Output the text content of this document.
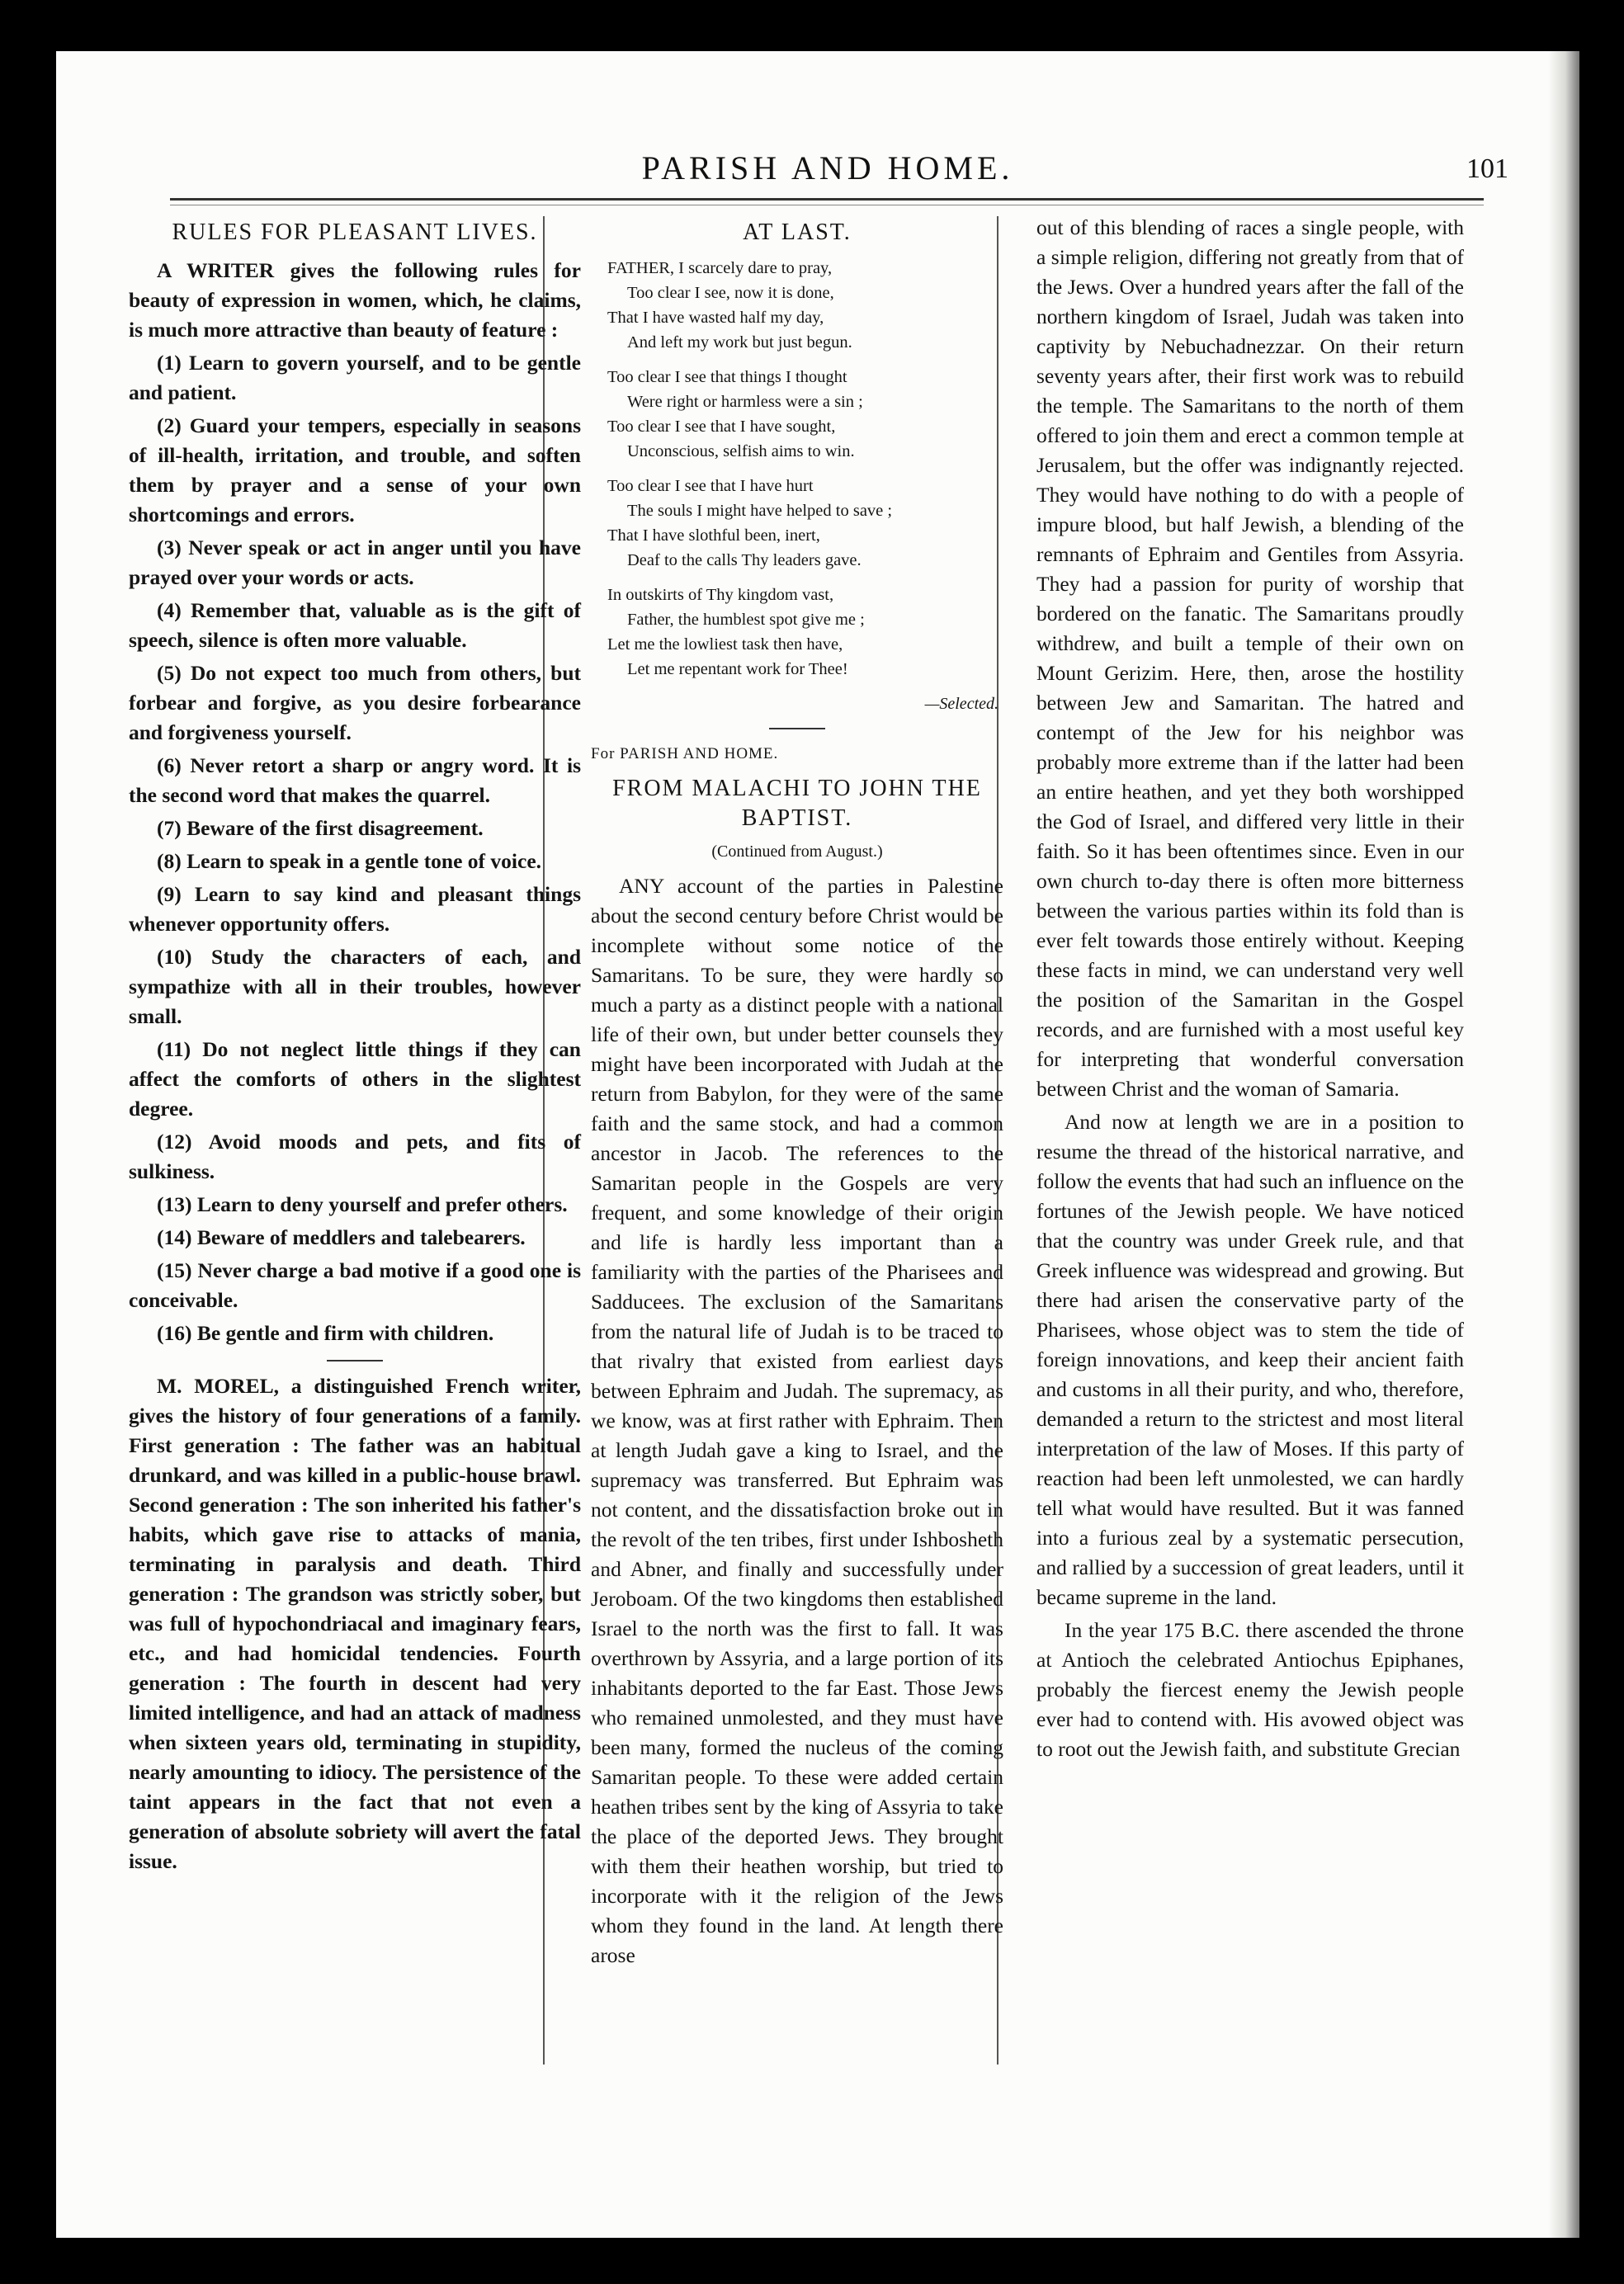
PARISH AND HOME.	101
RULES FOR PLEASANT LIVES.

A WRITER gives the following rules for beauty of expression in women, which, he claims, is much more attractive than beauty of feature :

(1) Learn to govern yourself, and to be gentle and patient.

(2) Guard your tempers, especially in seasons of ill-health, irritation, and trouble, and soften them by prayer and a sense of your own shortcomings and errors.

(3) Never speak or act in anger until you have prayed over your words or acts.

(4) Remember that, valuable as is the gift of speech, silence is often more valuable.

(5) Do not expect too much from others, but forbear and forgive, as you desire forbearance and forgiveness yourself.

(6) Never retort a sharp or angry word. It is the second word that makes the quarrel.

(7) Beware of the first disagreement.

(8) Learn to speak in a gentle tone of voice.

(9) Learn to say kind and pleasant things whenever opportunity offers.

(10) Study the characters of each, and sympathize with all in their troubles, however small.

(11) Do not neglect little things if they can affect the comforts of others in the slightest degree.

(12) Avoid moods and pets, and fits of sulkiness.

(13) Learn to deny yourself and prefer others.

(14) Beware of meddlers and talebearers.

(15) Never charge a bad motive if a good one is conceivable.

(16) Be gentle and firm with children.

M. MOREL, a distinguished French writer, gives the history of four generations of a family. First generation : The father was an habitual drunkard, and was killed in a public-house brawl. Second generation : The son inherited his father's habits, which gave rise to attacks of mania, terminating in paralysis and death. Third generation : The grandson was strictly sober, but was full of hypochondriacal and imaginary fears, etc., and had homicidal tendencies. Fourth generation : The fourth in descent had very limited intelligence, and had an attack of madness when sixteen years old, terminating in stupidity, nearly amounting to idiocy. The persistence of the taint appears in the fact that not even a generation of absolute sobriety will avert the fatal issue.

AT LAST.
FATHER, I scarcely dare to pray,
Too clear I see, now it is done,
That I have wasted half my day,
And left my work but just begun.
Too clear I see that things I thought
Were right or harmless were a sin ;
Too clear I see that I have sought,
Unconscious, selfish aims to win.
Too clear I see that I have hurt
The souls I might have helped to save ;
That I have slothful been, inert,
Deaf to the calls Thy leaders gave.
In outskirts of Thy kingdom vast,
Father, the humblest spot give me ;
Let me the lowliest task then have,
Let me repentant work for Thee!
—Selected.
For PARISH AND HOME.
FROM MALACHI TO JOHN THE BAPTIST.
(Continued from August.)

ANY account of the parties in Palestine about the second century before Christ would be incomplete without some notice of the Samaritans. To be sure, they were hardly so much a party as a distinct people with a national life of their own, but under better counsels they might have been incorporated with Judah at the return from Babylon, for they were of the same faith and the same stock, and had a common ancestor in Jacob. The references to the Samaritan people in the Gospels are very frequent, and some knowledge of their origin and life is hardly less important than a familiarity with the parties of the Pharisees and Sadducees. The exclusion of the Samaritans from the natural life of Judah is to be traced to that rivalry that existed from earliest days between Ephraim and Judah. The supremacy, as we know, was at first rather with Ephraim. Then at length Judah gave a king to Israel, and the supremacy was transferred. But Ephraim was not content, and the dissatisfaction broke out in the revolt of the ten tribes, first under Ishbosheth and Abner, and finally and successfully under Jeroboam. Of the two kingdoms then established Israel to the north was the first to fall. It was overthrown by Assyria, and a large portion of its inhabitants deported to the far East. Those Jews who remained unmolested, and they must have been many, formed the nucleus of the coming Samaritan people. To these were added certain heathen tribes sent by the king of Assyria to take the place of the deported Jews. They brought with them their heathen worship, but tried to incorporate with it the religion of the Jews whom they found in the land. At length there arose

out of this blending of races a single people, with a simple religion, differing not greatly from that of the Jews. Over a hundred years after the fall of the northern kingdom of Israel, Judah was taken into captivity by Nebuchadnezzar. On their return seventy years after, their first work was to rebuild the temple. The Samaritans to the north of them offered to join them and erect a common temple at Jerusalem, but the offer was indignantly rejected. They would have nothing to do with a people of impure blood, but half Jewish, a blending of the remnants of Ephraim and Gentiles from Assyria. They had a passion for purity of worship that bordered on the fanatic. The Samaritans proudly withdrew, and built a temple of their own on Mount Gerizim. Here, then, arose the hostility between Jew and Samaritan. The hatred and contempt of the Jew for his neighbor was probably more extreme than if the latter had been an entire heathen, and yet they both worshipped the God of Israel, and differed very little in their faith. So it has been oftentimes since. Even in our own church to-day there is often more bitterness between the various parties within its fold than is ever felt towards those entirely without. Keeping these facts in mind, we can understand very well the position of the Samaritan in the Gospel records, and are furnished with a most useful key for interpreting that wonderful conversation between Christ and the woman of Samaria.

And now at length we are in a position to resume the thread of the historical narrative, and follow the events that had such an influence on the fortunes of the Jewish people. We have noticed that the country was under Greek rule, and that Greek influence was widespread and growing. But there had arisen the conservative party of the Pharisees, whose object was to stem the tide of foreign innovations, and keep their ancient faith and customs in all their purity, and who, therefore, demanded a return to the strictest and most literal interpretation of the law of Moses. If this party of reaction had been left unmolested, we can hardly tell what would have resulted. But it was fanned into a furious zeal by a systematic persecution, and rallied by a succession of great leaders, until it became supreme in the land.

In the year 175 B.C. there ascended the throne at Antioch the celebrated Antiochus Epiphanes, probably the fiercest enemy the Jewish people ever had to contend with. His avowed object was to root out the Jewish faith, and substitute Grecian
